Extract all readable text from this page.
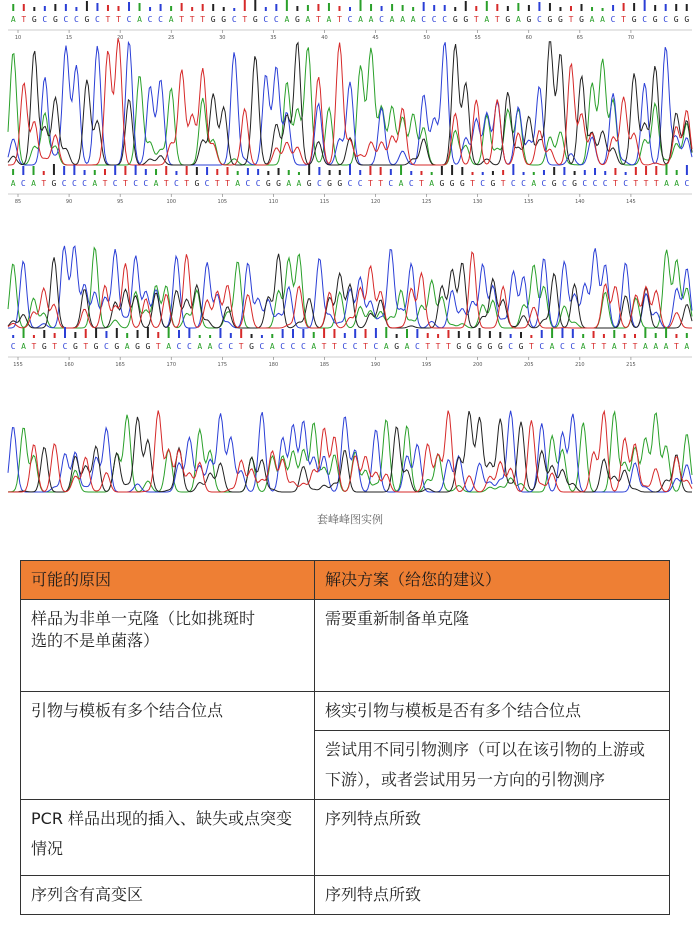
A T G C G C C G C T T C A C C A T T T G G C T G C C A G A T A T C A A C A A A C C C G G T A T G A G C G G T G A A C T G C G C G G
10	15	20	25	30	35	40	45	50	55	60	65	70
A C A T G C C C A T C T C C A T C T G C T T A C C G G A A G C G G C C T T C A C T A G G G T C G T C C A C G C G C C C T C T T T A A C
85	90	95	100	105	110	115	120	125	130	135	140	145
C A T G T C G T G C G A G G T A C C A A C C T G C A C C C A T T C C T C A G A C T T T G G G G G C G T C A C C A T T A T T A A A T A
155	160	165	170	175	180	185	190	195	200	205	210	215
套峰峰图实例
可能的原因	解决方案（给您的建议）

样品为非单一克隆（比如挑斑时
选的不是单菌落）	需要重新制备单克隆
引物与模板有多个结合位点	核实引物与模板是否有多个结合位点
	尝试用不同引物测序（可以在该引物的上游或下游），或者尝试用另一方向的引物测序
PCR 样品出现的插入、缺失或点突变情况	序列特点所致
序列含有高变区	序列特点所致
